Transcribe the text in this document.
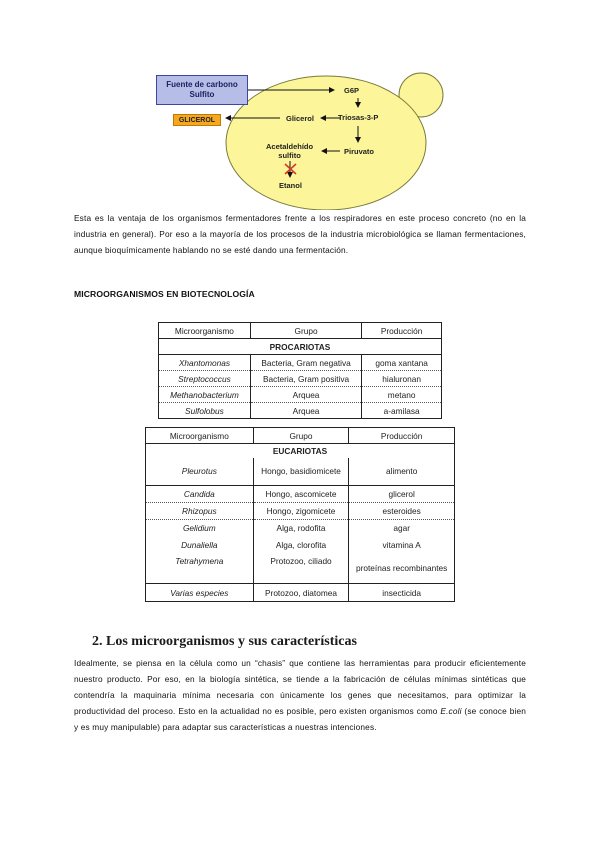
Fuente de carbono
Sulfito
GLICEROL
G6P
Triosas-3-P
Glicerol
Piruvato
Acetaldehído
sulfito
Etanol

Esta es la ventaja de los organismos fermentadores frente a los respiradores en este proceso concreto (no en la industria en general). Por eso a la mayoría de los procesos de la industria microbiológica se llaman fermentaciones, aunque bioquímicamente hablando no se esté dando una fermentación.

MICROORGANISMOS EN BIOTECNOLOGÍA
Microorganismo	Grupo	Producción
PROCARIOTAS		
Xhantomonas	Bacteria, Gram negativa	goma xantana
Streptococcus	Bacteria, Gram positiva	hialuronan
Methanobacterium	Arquea	metano
Sulfolobus	Arquea	a-amilasa
Microorganismo	Grupo	Producción
EUCARIOTAS		
Pleurotus	Hongo, basidiomicete	alimento
Candida	Hongo, ascomicete	glicerol
Rhizopus	Hongo, zigomicete	esteroides
Gelidium	Alga, rodofita	agar
Dunaliella	Alga, clorofita	vitamina A
Tetrahymena	Protozoo, ciliado	proteínas recombinantes
Varias especies	Protozoo, diatomea	insecticida
2. Los microorganismos y sus características

Idealmente, se piensa en la célula como un “chasis” que contiene las herramientas para producir eficientemente nuestro producto. Por eso, en la biología sintética, se tiende a la fabricación de células mínimas sintéticas que contendría la maquinaria mínima necesaria con únicamente los genes que necesitamos, para optimizar la productividad del proceso. Esto en la actualidad no es posible, pero existen organismos como E.coli (se conoce bien y es muy manipulable) para adaptar sus características a nuestras intenciones.
